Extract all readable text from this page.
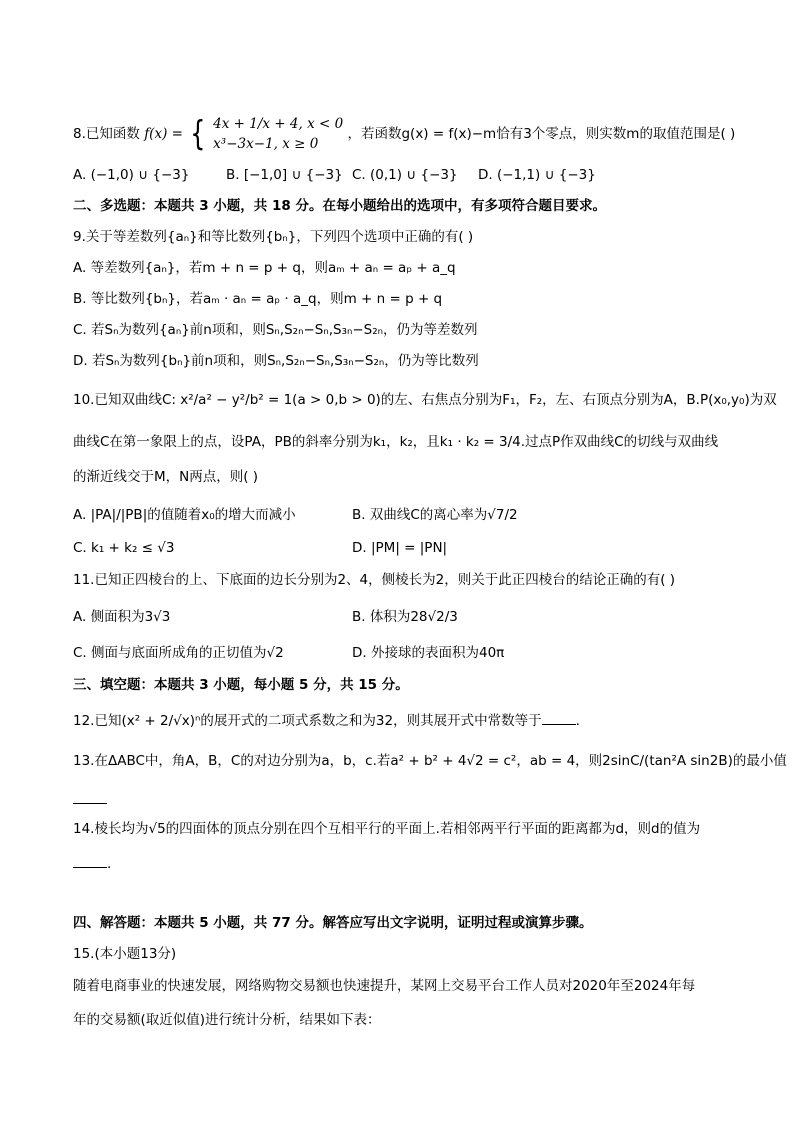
8.已知函数 f(x) = { 4x + 1/x + 4, x < 0
x³−3x−1, x ≥ 0
，若函数g(x) = f(x)−m恰有3个零点，则实数m的取值范围是( )
A. (−1,0) ∪ {−3}	B. [−1,0] ∪ {−3} C. (0,1) ∪ {−3} D. (−1,1) ∪ {−3}
二、多选题：本题共 3 小题，共 18 分。在每小题给出的选项中，有多项符合题目要求。
9.关于等差数列{aₙ}和等比数列{bₙ}，下列四个选项中正确的有( )
A. 等差数列{aₙ}，若m + n = p + q，则aₘ + aₙ = aₚ + a_q
B. 等比数列{bₙ}，若aₘ · aₙ = aₚ · a_q，则m + n = p + q
C. 若Sₙ为数列{aₙ}前n项和，则Sₙ,S₂ₙ−Sₙ,S₃ₙ−S₂ₙ，仍为等差数列
D. 若Sₙ为数列{bₙ}前n项和，则Sₙ,S₂ₙ−Sₙ,S₃ₙ−S₂ₙ，仍为等比数列
10.已知双曲线C: x²/a² − y²/b² = 1(a > 0,b > 0)的左、右焦点分别为F₁，F₂，左、右顶点分别为A，B.P(x₀,y₀)为双
曲线C在第一象限上的点，设PA，PB的斜率分别为k₁，k₂，且k₁ · k₂ = 3/4.过点P作双曲线C的切线与双曲线
的渐近线交于M，N两点，则( )
A. |PA|/|PB|的值随着x₀的增大而减小	B. 双曲线C的离心率为√7/2
C. k₁ + k₂ ≤ √3	D. |PM| = |PN|
11.已知正四棱台的上、下底面的边长分别为2、4，侧棱长为2，则关于此正四棱台的结论正确的有( )
A. 侧面积为3√3	B. 体积为28√2/3
C. 侧面与底面所成角的正切值为√2	D. 外接球的表面积为40π
三、填空题：本题共 3 小题，每小题 5 分，共 15 分。
12.已知(x² + 2/√x)ⁿ的展开式的二项式系数之和为32，则其展开式中常数等于	.
13.在ΔABC中，角A，B，C的对边分别为a，b，c.若a² + b² + 4√2 = c²，ab = 4，则2sinC/(tan²A sin2B)的最小值
14.棱长均为√5的四面体的顶点分别在四个互相平行的平面上.若相邻两平行平面的距离都为d，则d的值为
.
四、解答题：本题共 5 小题，共 77 分。解答应写出文字说明，证明过程或演算步骤。
15.(本小题13分)
随着电商事业的快速发展，网络购物交易额也快速提升，某网上交易平台工作人员对2020年至2024年每
年的交易额(取近似值)进行统计分析，结果如下表：
